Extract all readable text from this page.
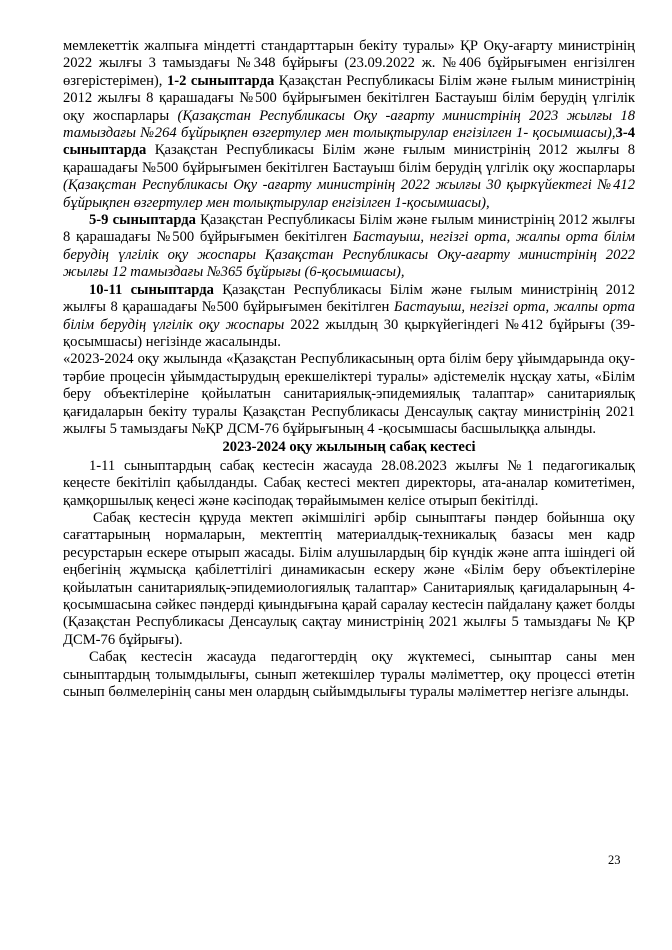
мемлекеттік жалпыға міндетті стандарттарын бекіту туралы» ҚР Оқу-ағарту министрінің 2022 жылғы 3 тамыздағы №348 бұйрығы (23.09.2022 ж. №406 бұйрығымен енгізілген өзгерістерімен), 1-2 сыныптарда Қазақстан Республикасы Білім және ғылым министрінің 2012 жылғы 8 қарашадағы №500 бұйрығымен бекітілген Бастауыш білім берудің үлгілік оқу жоспарлары (Қазақстан Республикасы Оқу -ағарту министрінің 2023 жылғы 18 тамыздағы №264 бұйрықпен өзгертулер мен толықтырулар енгізілген 1- қосымшасы),3-4 сыныптарда Қазақстан Республикасы Білім және ғылым министрінің 2012 жылғы 8 қарашадағы №500 бұйрығымен бекітілген Бастауыш білім берудің үлгілік оқу жоспарлары (Қазақстан Республикасы Оқу -ағарту министрінің 2022 жылғы 30 қыркүйектегі №412 бұйрықпен өзгертулер мен толықтырулар енгізілген 1-қосымшасы),

5-9 сыныптарда Қазақстан Республикасы Білім және ғылым министрінің 2012 жылғы 8 қарашадағы №500 бұйрығымен бекітілген Бастауыш, негізгі орта, жалпы орта білім берудің үлгілік оқу жоспары Қазақстан Республикасы Оқу-ағарту министрінің 2022 жылғы 12 тамыздағы №365 бұйрығы (6-қосымшасы),

10-11 сыныптарда Қазақстан Республикасы Білім және ғылым министрінің 2012 жылғы 8 қарашадағы №500 бұйрығымен бекітілген Бастауыш, негізгі орта, жалпы орта білім берудің үлгілік оқу жоспары 2022 жылдың 30 қыркүйегіндегі №412 бұйрығы (39-қосымшасы) негізінде жасалынды.

«2023-2024 оқу жылында «Қазақстан Республикасының орта білім беру ұйымдарында оқу-тәрбие процесін ұйымдастырудың ерекшеліктері туралы» әдістемелік нұсқау хаты, «Білім беру объектілеріне қойылатын санитариялық-эпидемиялық талаптар» санитариялық қағидаларын бекіту туралы Қазақстан Республикасы Денсаулық сақтау министрінің 2021 жылғы 5 тамыздағы №ҚР ДСМ-76 бұйрығының 4 -қосымшасы басшылыққа алынды.

2023-2024 оқу жылының сабақ кестесі

1-11 сыныптардың сабақ кестесін жасауда 28.08.2023 жылғы №1 педагогикалық кеңесте бекітіліп қабылданды. Сабақ кестесі мектеп директоры, ата-аналар комитетімен, қамқоршылық кеңесі және кәсіподақ төрайымымен келісе отырып бекітілді.

Сабақ кестесін құруда мектеп әкімшілігі әрбір сыныптағы пәндер бойынша оқу сағаттарының нормаларын, мектептің материалдық-техникалық базасы мен кадр ресурстарын ескере отырып жасады. Білім алушылардың бір күндік және апта ішіндегі ой еңбегінің жұмысқа қабілеттілігі динамикасын ескеру және «Білім беру объектілеріне қойылатын санитариялық-эпидемиологиялық талаптар» Санитариялық қағидаларының 4-қосымшасына сәйкес пәндерді қиындығына қарай саралау кестесін пайдалану қажет болды (Қазақстан Республикасы Денсаулық сақтау министрінің 2021 жылғы 5 тамыздағы № ҚР ДСМ-76 бұйрығы).

Сабақ кестесін жасауда педагогтердің оқу жүктемесі, сыныптар саны мен сыныптардың толымдылығы, сынып жетекшілер туралы мәліметтер, оқу процессі өтетін сынып бөлмелерінің саны мен олардың сыйымдылығы туралы мәліметтер негізге алынды.

23
